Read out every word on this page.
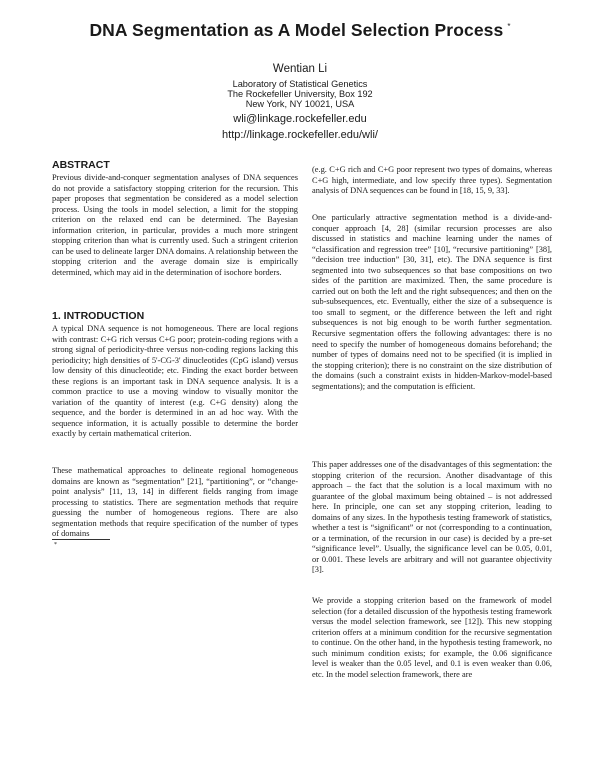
DNA Segmentation as A Model Selection Process *
Wentian Li
Laboratory of Statistical Genetics
The Rockefeller University, Box 192
New York, NY 10021, USA
wli@linkage.rockefeller.edu
http://linkage.rockefeller.edu/wli/
ABSTRACT

Previous divide-and-conquer segmentation analyses of DNA sequences do not provide a satisfactory stopping criterion for the recursion. This paper proposes that segmentation be considered as a model selection process. Using the tools in model selection, a limit for the stopping criterion on the relaxed end can be determined. The Bayesian information criterion, in particular, provides a much more stringent stopping criterion than what is currently used. Such a stringent criterion can be used to delineate larger DNA domains. A relationship between the stopping criterion and the average domain size is empirically determined, which may aid in the determination of isochore borders.

1. INTRODUCTION

A typical DNA sequence is not homogeneous. There are local regions with contrast: C+G rich versus C+G poor; protein-coding regions with a strong signal of periodicity-three versus non-coding regions lacking this periodicity; high densities of 5'-CG-3' dinucleotides (CpG island) versus low density of this dinucleotide; etc. Finding the exact border between these regions is an important task in DNA sequence analysis. It is a common practice to use a moving window to visually monitor the variation of the quantity of interest (e.g. C+G density) along the sequence, and the border is determined in an ad hoc way. With the sequence information, it is actually possible to determine the border exactly by certain mathematical criterion.

These mathematical approaches to delineate regional homogeneous domains are known as “segmentation” [21], “partitioning”, or “change-point analysis” [11, 13, 14] in different fields ranging from image processing to statistics. There are segmentation methods that require guessing the number of homogeneous regions. There are also segmentation methods that require specification of the number of types of domains

*

(e.g. C+G rich and C+G poor represent two types of domains, whereas C+G high, intermediate, and low specify three types). Segmentation analysis of DNA sequences can be found in [18, 15, 9, 33].

One particularly attractive segmentation method is a divide-and-conquer approach [4, 28] (similar recursion processes are also discussed in statistics and machine learning under the names of “classification and regression tree” [10], “recursive partitioning” [38], “decision tree induction” [30, 31], etc). The DNA sequence is first segmented into two subsequences so that base compositions on two sides of the partition are maximized. Then, the same procedure is carried out on both the left and the right subsequences; and then on the sub-subsequences, etc. Eventually, either the size of a subsequence is too small to segment, or the difference between the left and right subsequences is not big enough to be worth further segmentation. Recursive segmentation offers the following advantages: there is no need to specify the number of homogeneous domains beforehand; the number of types of domains need not to be specified (it is implied in the stopping criterion); there is no constraint on the size distribution of the domains (such a constraint exists in hidden-Markov-model-based segmentations); and the computation is efficient.

This paper addresses one of the disadvantages of this segmentation: the stopping criterion of the recursion. Another disadvantage of this approach – the fact that the solution is a local maximum with no guarantee of the global maximum being obtained – is not addressed here. In principle, one can set any stopping criterion, leading to domains of any sizes. In the hypothesis testing framework of statistics, whether a test is “significant” or not (corresponding to a continuation, or a termination, of the recursion in our case) is decided by a pre-set “significance level”. Usually, the significance level can be 0.05, 0.01, or 0.001. These levels are arbitrary and will not guarantee objectivity [3].

We provide a stopping criterion based on the framework of model selection (for a detailed discussion of the hypothesis testing framework versus the model selection framework, see [12]). This new stopping criterion offers at a minimum condition for the recursive segmentation to continue. On the other hand, in the hypothesis testing framework, no such minimum condition exists; for example, the 0.06 significance level is weaker than the 0.05 level, and 0.1 is even weaker than 0.06, etc. In the model selection framework, there are
